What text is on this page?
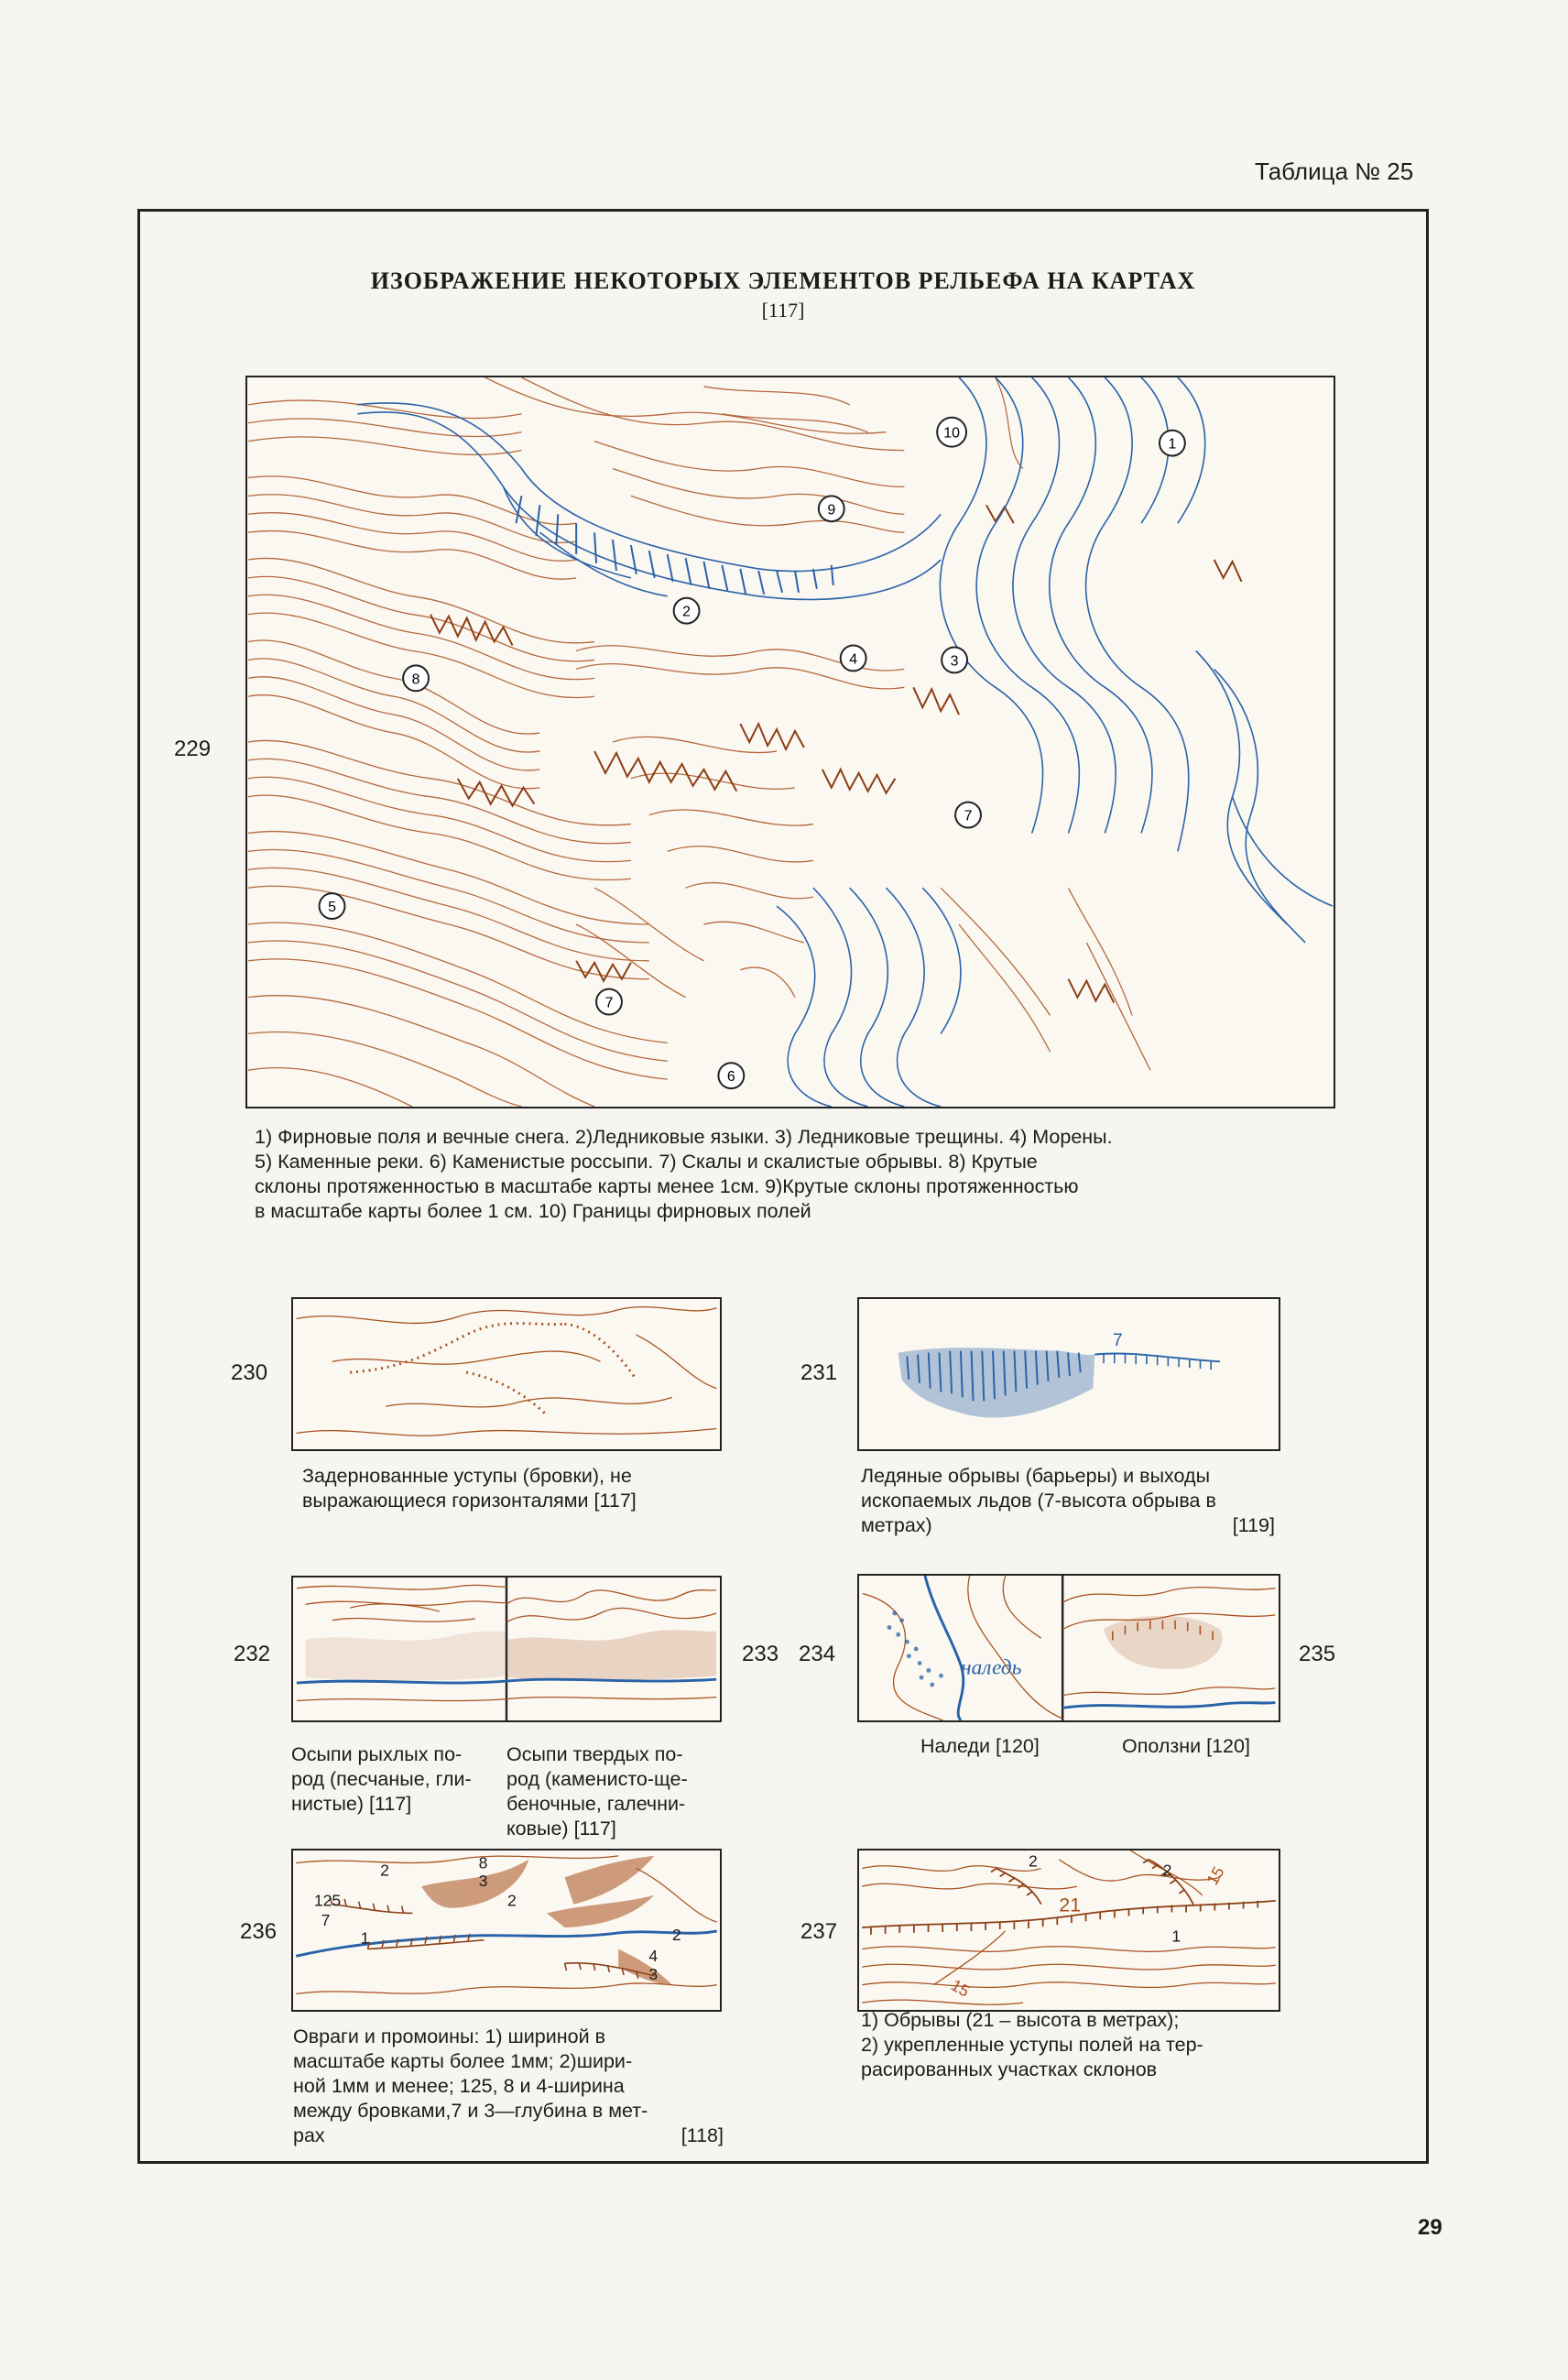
Таблица № 25
ИЗОБРАЖЕНИЕ НЕКОТОРЫХ ЭЛЕМЕНТОВ РЕЛЬЕФА НА КАРТАХ
[117]
229
1
2
3
4
5
6
7
8
9
10
7
1) Фирновые поля и вечные снега. 2)Ледниковые языки. 3) Ледниковые трещины. 4) Морены.
5) Каменные реки. 6) Каменистые россыпи. 7) Скалы и скалистые обрывы. 8) Крутые
склоны протяженностью в масштабе карты менее 1см. 9)Крутые склоны протяженностью
в масштабе карты более 1 см. 10) Границы фирновых полей
230
Задернованные уступы (бровки), не
выражающиеся горизонталями [117]
231
7
Ледяные обрывы (барьеры) и выходы
ископаемых льдов (7-высота обрыва в
метрах)	[119]
232	233
Осыпи рыхлых по-
род (песчаные, гли-
нистые) [117]
Осыпи твердых по-
род (каменисто-ще-
беночные, галечни-
ковые) [117]
234
наледь
235
Наледи [120]	Оползни [120]
236
2	8
3
2
125
7
1	2
4
3
Овраги и промоины: 1) шириной в
масштабе карты более 1мм; 2)шири-
ной 1мм и менее; 125, 8 и 4-ширина
между бровками,7 и 3—глубина в мет-
рах	[118]
237
2	2
21
1
15
15
1) Обрывы (21 – высота в метрах);
2) укрепленные уступы полей на тер-
расированных участках склонов
29
